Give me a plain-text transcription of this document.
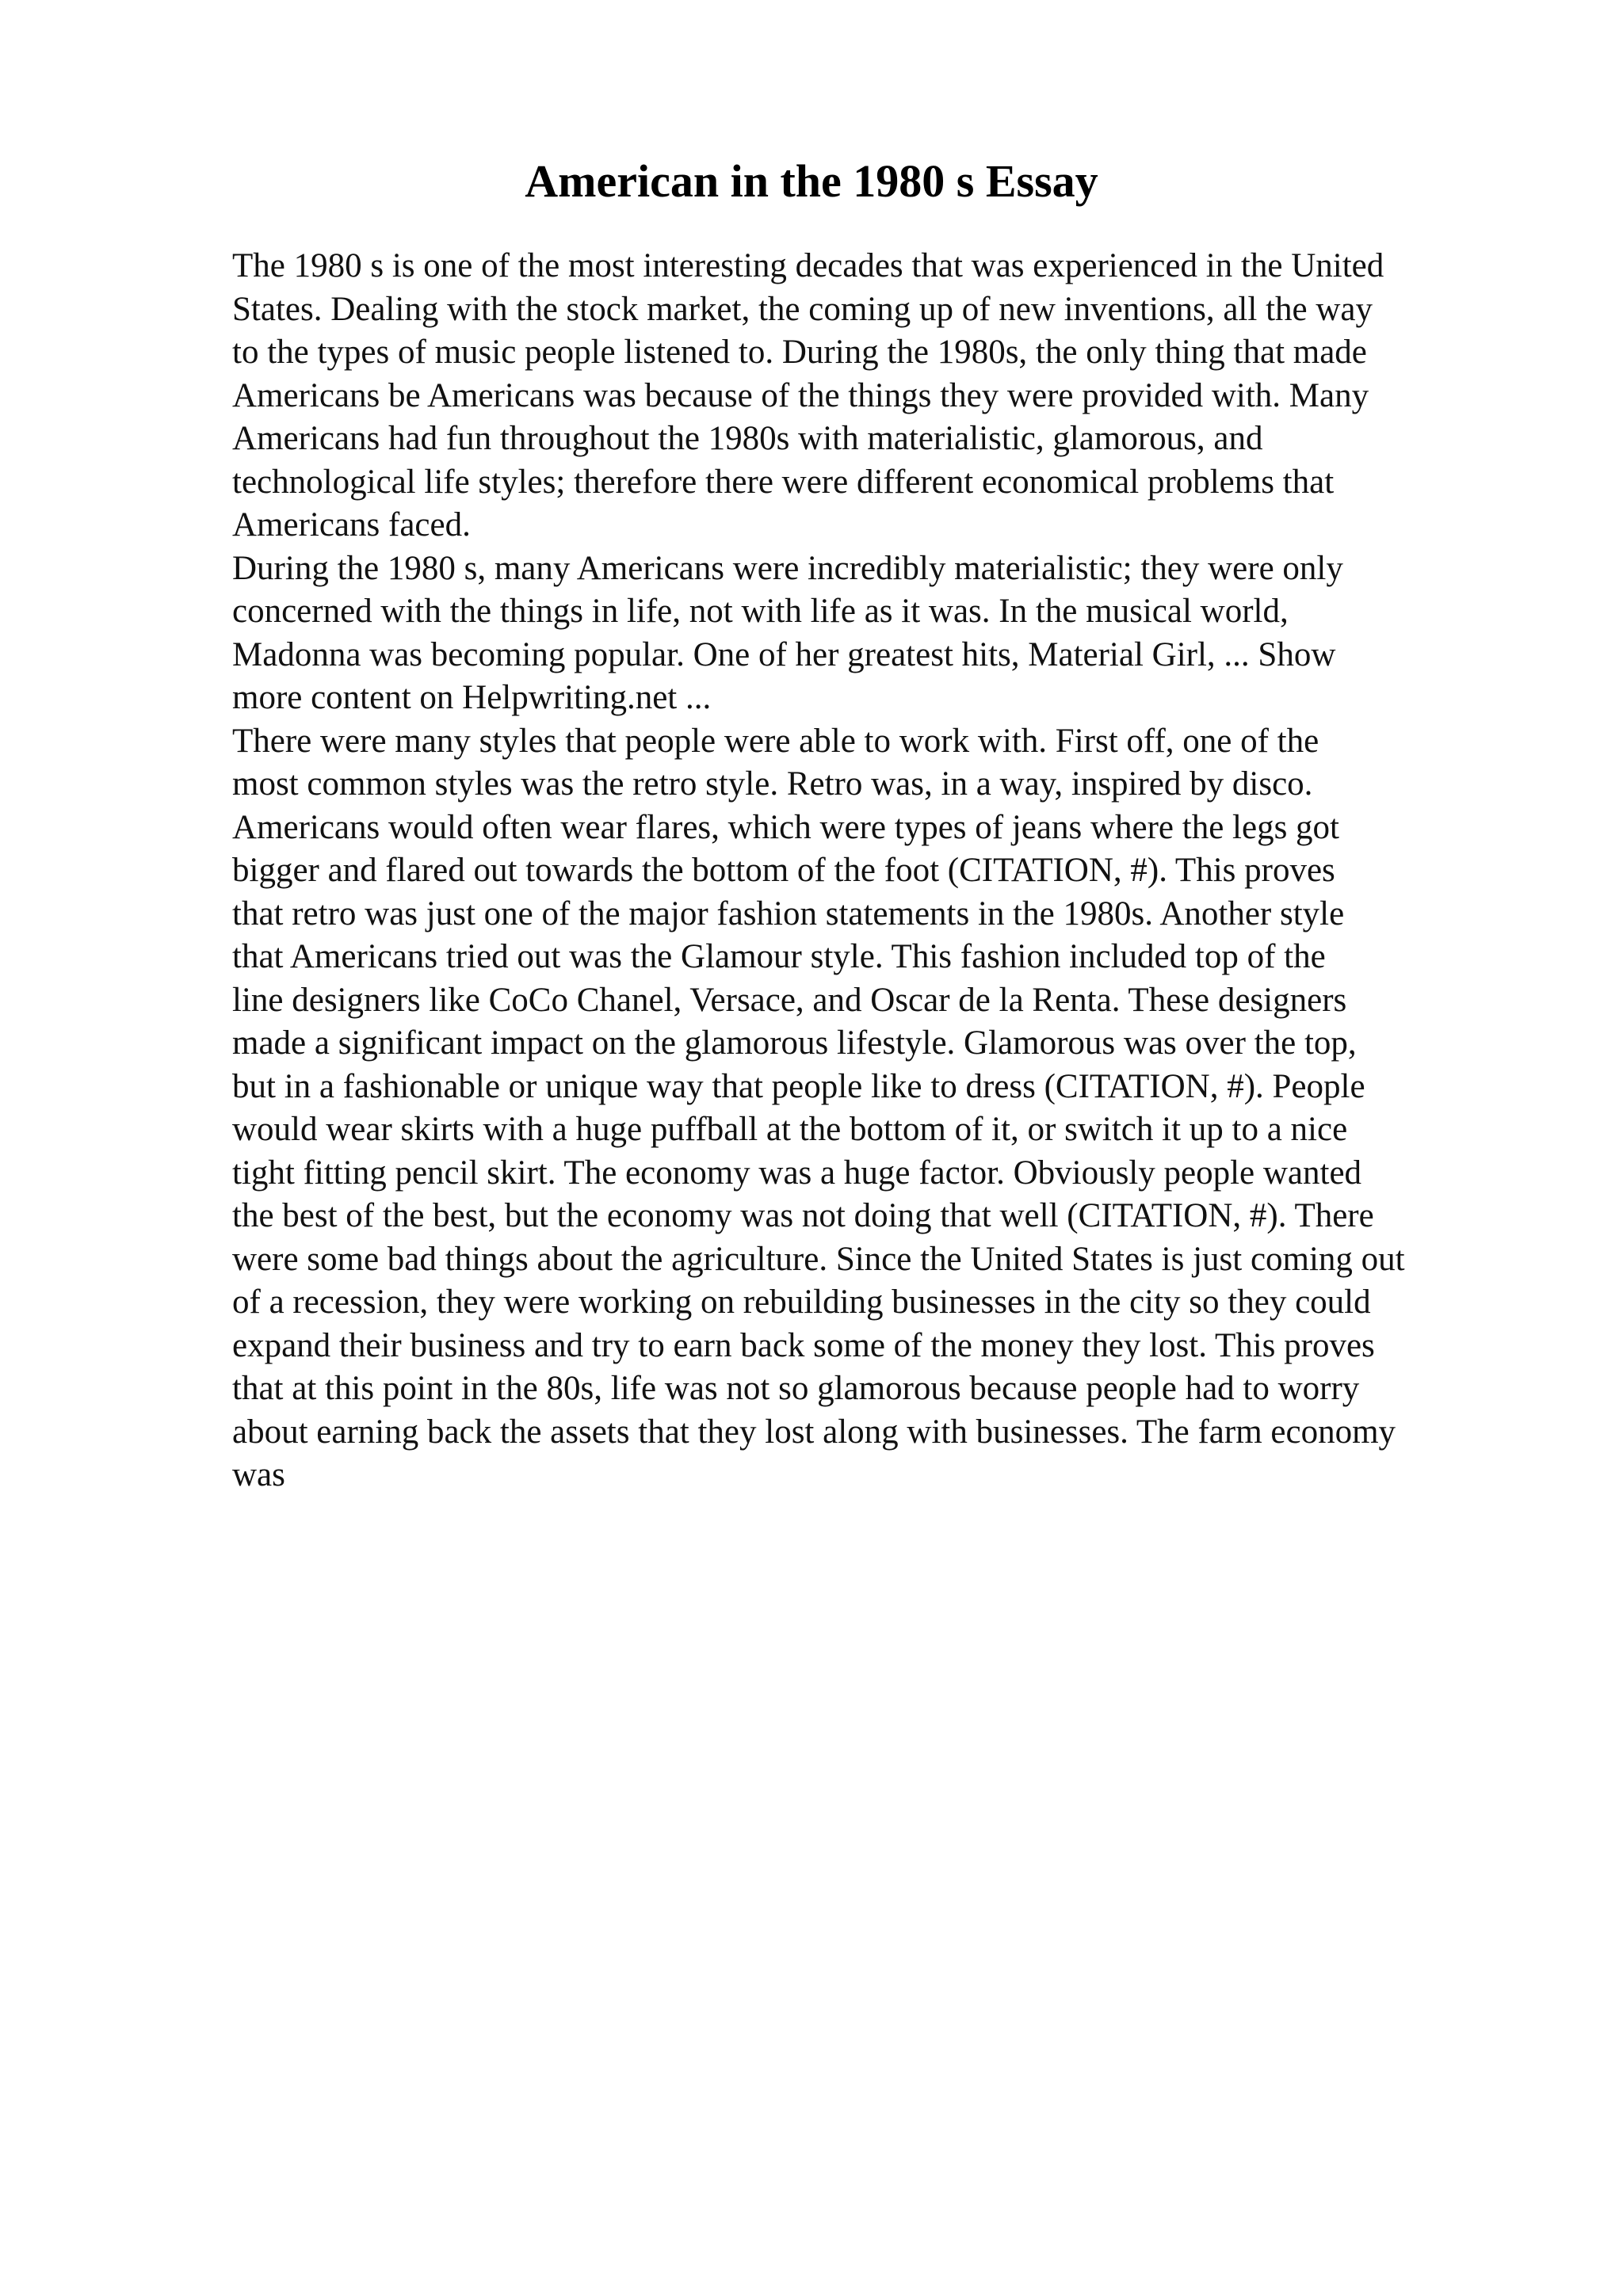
American in the 1980 s Essay
The 1980 s is one of the most interesting decades that was experienced in the United
States. Dealing with the stock market, the coming up of new inventions, all the way
to the types of music people listened to. During the 1980s, the only thing that made
Americans be Americans was because of the things they were provided with. Many
Americans had fun throughout the 1980s with materialistic, glamorous, and
technological life styles; therefore there were different economical problems that
Americans faced.
During the 1980 s, many Americans were incredibly materialistic; they were only
concerned with the things in life, not with life as it was. In the musical world,
Madonna was becoming popular. One of her greatest hits, Material Girl, ... Show
more content on Helpwriting.net ...
There were many styles that people were able to work with. First off, one of the
most common styles was the retro style. Retro was, in a way, inspired by disco.
Americans would often wear flares, which were types of jeans where the legs got
bigger and flared out towards the bottom of the foot (CITATION, #). This proves
that retro was just one of the major fashion statements in the 1980s. Another style
that Americans tried out was the Glamour style. This fashion included top of the
line designers like CoCo Chanel, Versace, and Oscar de la Renta. These designers
made a significant impact on the glamorous lifestyle. Glamorous was over the top,
but in a fashionable or unique way that people like to dress (CITATION, #). People
would wear skirts with a huge puffball at the bottom of it, or switch it up to a nice
tight fitting pencil skirt. The economy was a huge factor. Obviously people wanted
the best of the best, but the economy was not doing that well (CITATION, #). There
were some bad things about the agriculture. Since the United States is just coming out
of a recession, they were working on rebuilding businesses in the city so they could
expand their business and try to earn back some of the money they lost. This proves
that at this point in the 80s, life was not so glamorous because people had to worry
about earning back the assets that they lost along with businesses. The farm economy
was
